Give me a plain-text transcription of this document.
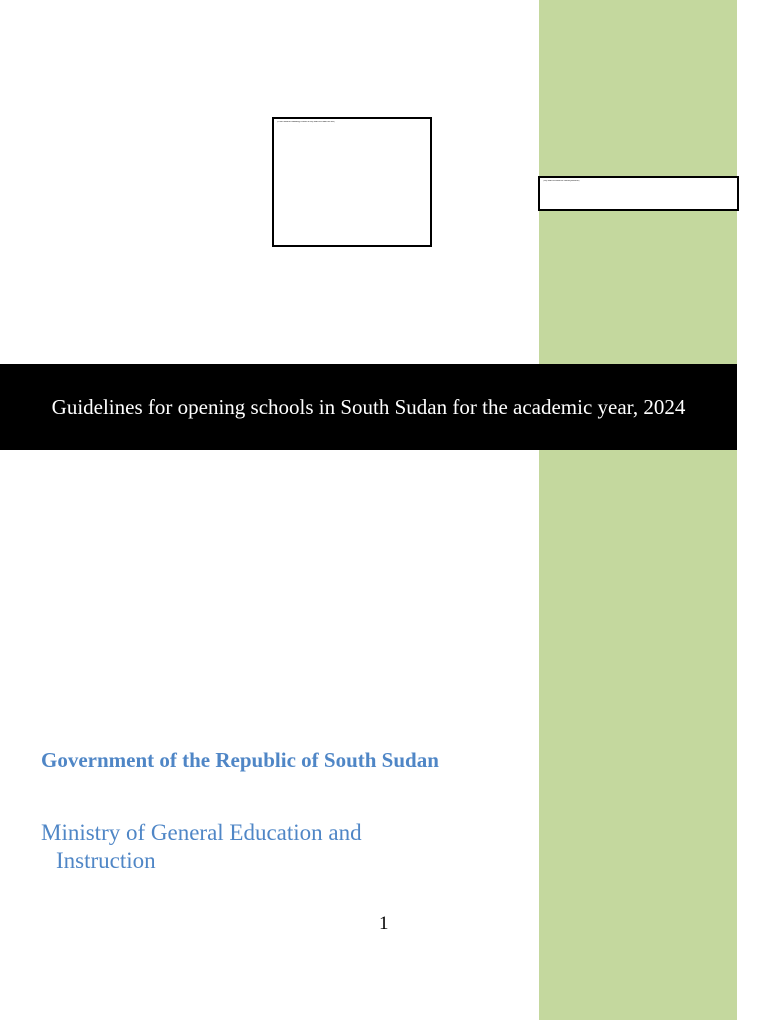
[A note about the formatting is shown in very small text inside this box]
[Very small text about the sidebar placement]
Guidelines for opening schools in South Sudan for the academic year, 2024
Government of the Republic of South Sudan
Ministry of General Education and
Instruction
1
